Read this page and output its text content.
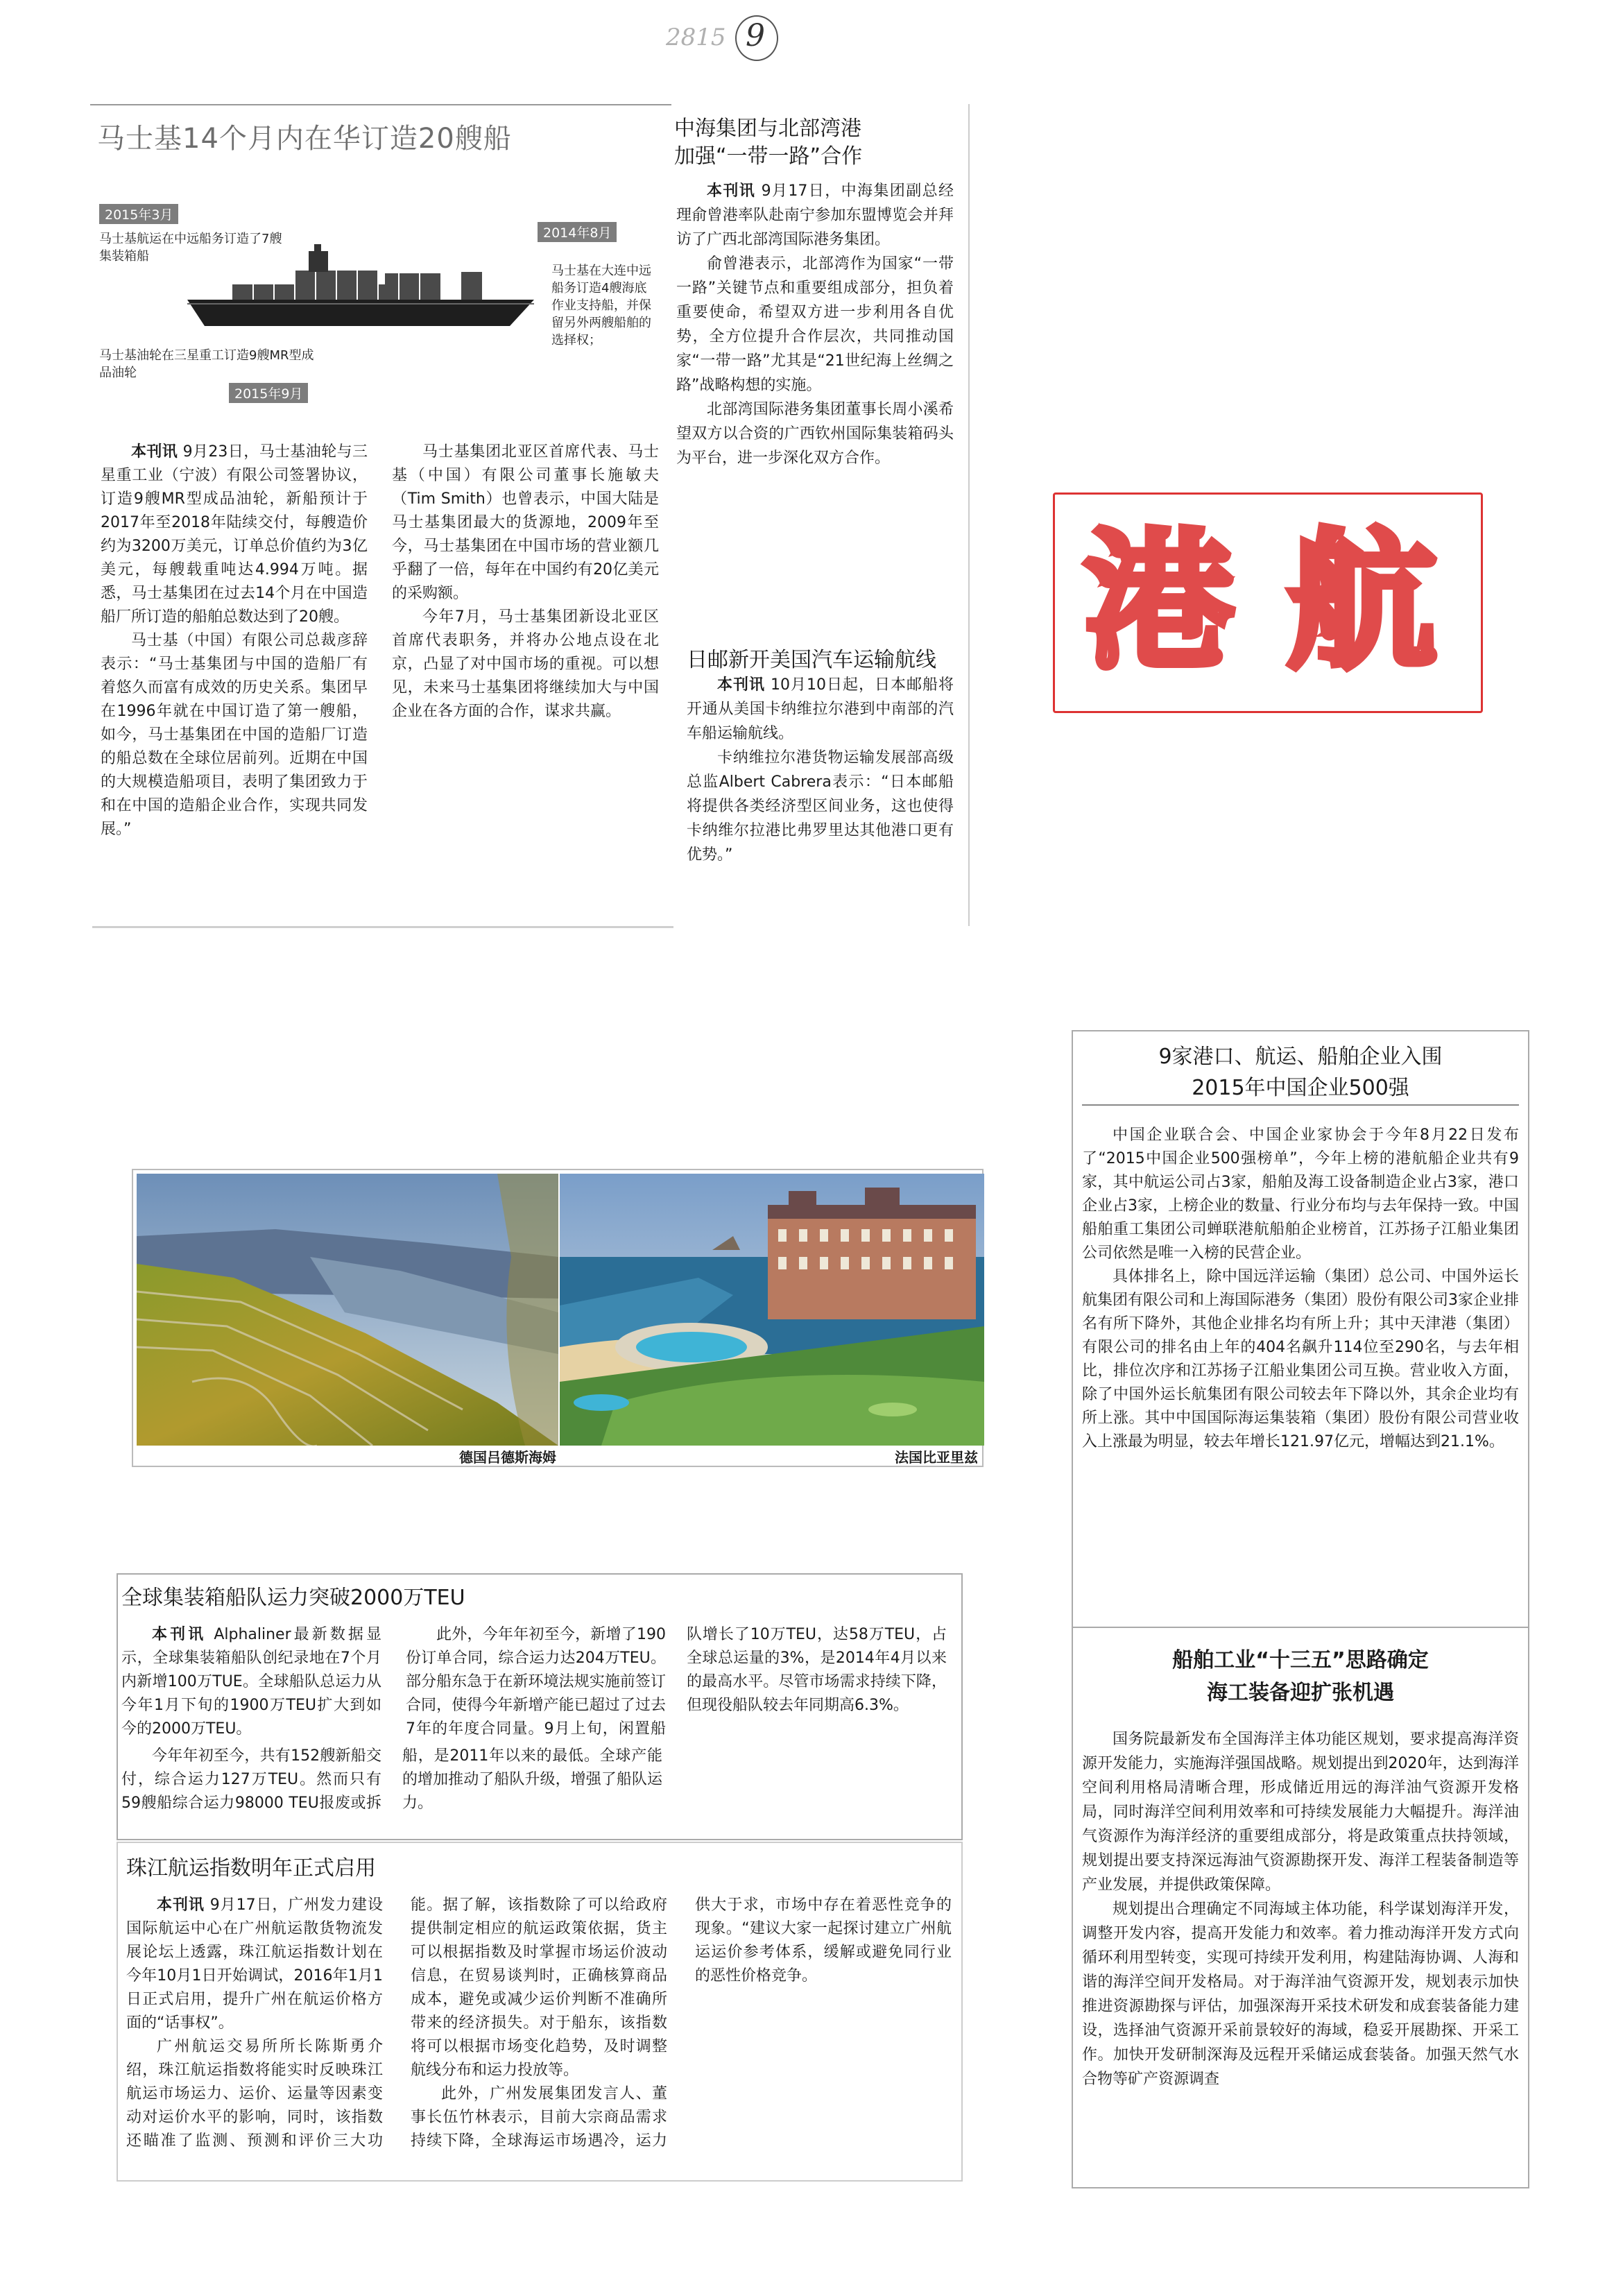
2815 9
马士基14个月内在华订造20艘船
2015年3月
马士基航运在中远船务订造了7艘集装箱船
2014年8月
马士基在大连中远船务订造4艘海底作业支持船，并保留另外两艘船舶的选择权；
2015年9月
马士基油轮在三星重工订造9艘MR型成品油轮

本刊讯 9月23日，马士基油轮与三星重工业（宁波）有限公司签署协议，订造9艘MR型成品油轮，新船预计于2017年至2018年陆续交付，每艘造价约为3200万美元，订单总价值约为3亿美元，每艘载重吨达4.994万吨。据悉，马士基集团在过去14个月在中国造船厂所订造的船舶总数达到了20艘。

马士基（中国）有限公司总裁彦辞表示：“马士基集团与中国的造船厂有着悠久而富有成效的历史关系。集团早在1996年就在中国订造了第一艘船，如今，马士基集团在中国的造船厂订造的船总数在全球位居前列。近期在中国的大规模造船项目，表明了集团致力于和在中国的造船企业合作，实现共同发展。”

马士基集团北亚区首席代表、马士基（中国）有限公司董事长施敏夫（Tim Smith）也曾表示，中国大陆是马士基集团最大的货源地，2009年至今，马士基集团在中国市场的营业额几乎翻了一倍，每年在中国约有20亿美元的采购额。

今年7月，马士基集团新设北亚区首席代表职务，并将办公地点设在北京，凸显了对中国市场的重视。可以想见，未来马士基集团将继续加大与中国企业在各方面的合作，谋求共赢。

中海集团与北部湾港
加强“一带一路”合作

本刊讯 9月17日，中海集团副总经理俞曾港率队赴南宁参加东盟博览会并拜访了广西北部湾国际港务集团。

俞曾港表示，北部湾作为国家“一带一路”关键节点和重要组成部分，担负着重要使命，希望双方进一步利用各自优势，全方位提升合作层次，共同推动国家“一带一路”尤其是“21世纪海上丝绸之路”战略构想的实施。

北部湾国际港务集团董事长周小溪希望双方以合资的广西钦州国际集装箱码头为平台，进一步深化双方合作。

日邮新开美国汽车运输航线

本刊讯 10月10日起，日本邮船将开通从美国卡纳维拉尔港到中南部的汽车船运输航线。

卡纳维拉尔港货物运输发展部高级总监Albert Cabrera表示：“日本邮船将提供各类经济型区间业务，这也使得卡纳维尔拉港比弗罗里达其他港口更有优势。”

港 航
德国吕德斯海姆	法国比亚里兹
9家港口、航运、船舶企业入围
2015年中国企业500强

中国企业联合会、中国企业家协会于今年8月22日发布了“2015中国企业500强榜单”，今年上榜的港航船企业共有9家，其中航运公司占3家，船舶及海工设备制造企业占3家，港口企业占3家，上榜企业的数量、行业分布均与去年保持一致。中国船舶重工集团公司蝉联港航船舶企业榜首，江苏扬子江船业集团公司依然是唯一入榜的民营企业。

具体排名上，除中国远洋运输（集团）总公司、中国外运长航集团有限公司和上海国际港务（集团）股份有限公司3家企业排名有所下降外，其他企业排名均有所上升；其中天津港（集团）有限公司的排名由上年的404名飙升114位至290名，与去年相比，排位次序和江苏扬子江船业集团公司互换。营业收入方面，除了中国外运长航集团有限公司较去年下降以外，其余企业均有所上涨。其中中国国际海运集装箱（集团）股份有限公司营业收入上涨最为明显，较去年增长121.97亿元，增幅达到21.1%。

全球集装箱船队运力突破2000万TEU

本刊讯 Alphaliner最新数据显示，全球集装箱船队创纪录地在7个月内新增100万TUE。全球船队总运力从今年1月下旬的1900万TEU扩大到如今的2000万TEU。

今年年初至今，共有152艘新船交付，综合运力127万TEU。然而只有59艘船综合运力98000 TEU报废或拆船，是2011年以来的最低。全球产能的增加推动了船队升级，增强了船队运力。

此外，今年年初至今，新增了190份订单合同，综合运力达204万TEU。部分船东急于在新环境法规实施前签订合同，使得今年新增产能已超过了过去7年的年度合同量。9月上旬，闲置船队增长了10万TEU，达58万TEU，占全球总运量的3%，是2014年4月以来的最高水平。尽管市场需求持续下降，但现役船队较去年同期高6.3%。

珠江航运指数明年正式启用

本刊讯 9月17日，广州发力建设国际航运中心在广州航运散货物流发展论坛上透露，珠江航运指数计划在今年10月1日开始调试，2016年1月1日正式启用，提升广州在航运价格方面的“话事权”。

广州航运交易所所长陈斯勇介绍，珠江航运指数将能实时反映珠江航运市场运力、运价、运量等因素变动对运价水平的影响，同时，该指数还瞄准了监测、预测和评价三大功能。据了解，该指数除了可以给政府提供制定相应的航运政策依据，货主可以根据指数及时掌握市场运价波动信息，在贸易谈判时，正确核算商品成本，避免或减少运价判断不准确所带来的经济损失。对于船东，该指数将可以根据市场变化趋势，及时调整航线分布和运力投放等。

此外，广州发展集团发言人、董事长伍竹林表示，目前大宗商品需求持续下降，全球海运市场遇冷，运力供大于求，市场中存在着恶性竞争的现象。“建议大家一起探讨建立广州航运运价参考体系，缓解或避免同行业的恶性价格竞争。

船舶工业“十三五”思路确定
海工装备迎扩张机遇

国务院最新发布全国海洋主体功能区规划，要求提高海洋资源开发能力，实施海洋强国战略。规划提出到2020年，达到海洋空间利用格局清晰合理，形成储近用远的海洋油气资源开发格局，同时海洋空间利用效率和可持续发展能力大幅提升。海洋油气资源作为海洋经济的重要组成部分，将是政策重点扶持领域，规划提出要支持深远海油气资源勘探开发、海洋工程装备制造等产业发展，并提供政策保障。

规划提出合理确定不同海域主体功能，科学谋划海洋开发，调整开发内容，提高开发能力和效率。着力推动海洋开发方式向循环利用型转变，实现可持续开发利用，构建陆海协调、人海和谐的海洋空间开发格局。对于海洋油气资源开发，规划表示加快推进资源勘探与评估，加强深海开采技术研发和成套装备能力建设，选择油气资源开采前景较好的海域，稳妥开展勘探、开采工作。加快开发研制深海及远程开采储运成套装备。加强天然气水合物等矿产资源调查
